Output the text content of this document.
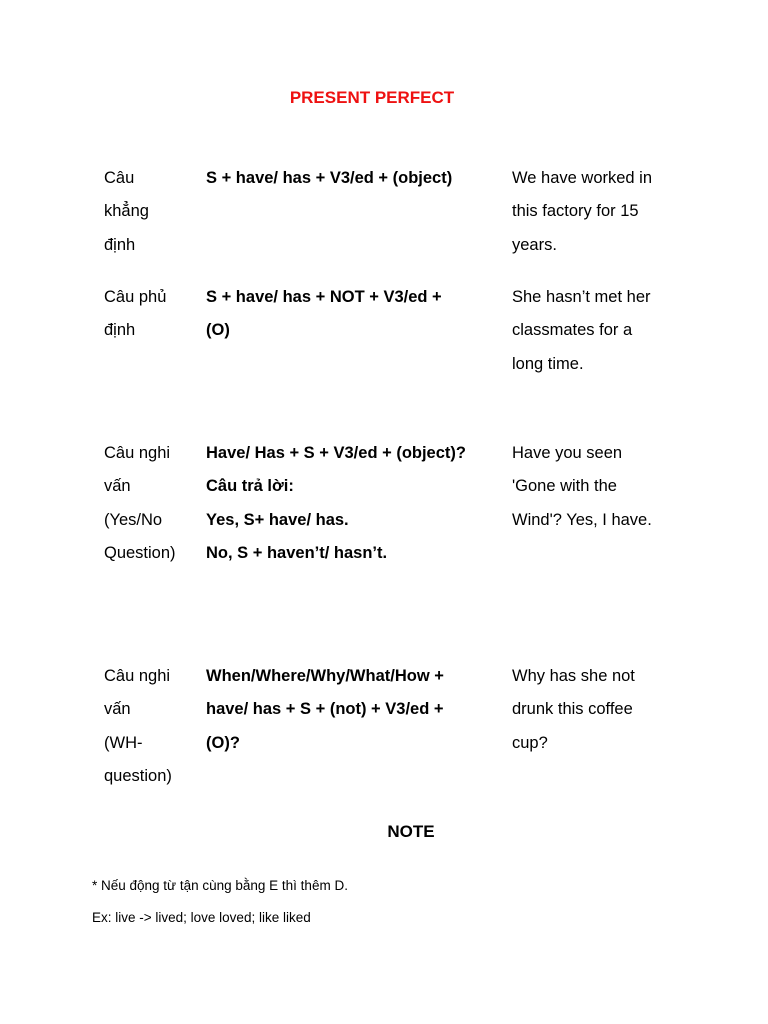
PRESENT PERFECT
Câu
khẳng
định
S + have/ has + V3/ed + (object)	We have worked in
this factory for 15
years.
Câu phủ
định
S + have/ has + NOT + V3/ed +
(O)
She hasn’t met her
classmates for a
long time.
Câu nghi
vấn
(Yes/No
Question)
Have/ Has + S + V3/ed + (object)?
Câu trả lời:
Yes, S+ have/ has.
No, S + haven’t/ hasn’t.
Have you seen
'Gone with the
Wind'? Yes, I have.
Câu nghi
vấn
(WH-
question)
When/Where/Why/What/How +
have/ has + S + (not) + V3/ed +
(O)?
Why has she not
drunk this coffee
cup?
NOTE

* Nếu động từ tận cùng bằng E thì thêm D.

Ex: live -> lived; love loved; like liked
